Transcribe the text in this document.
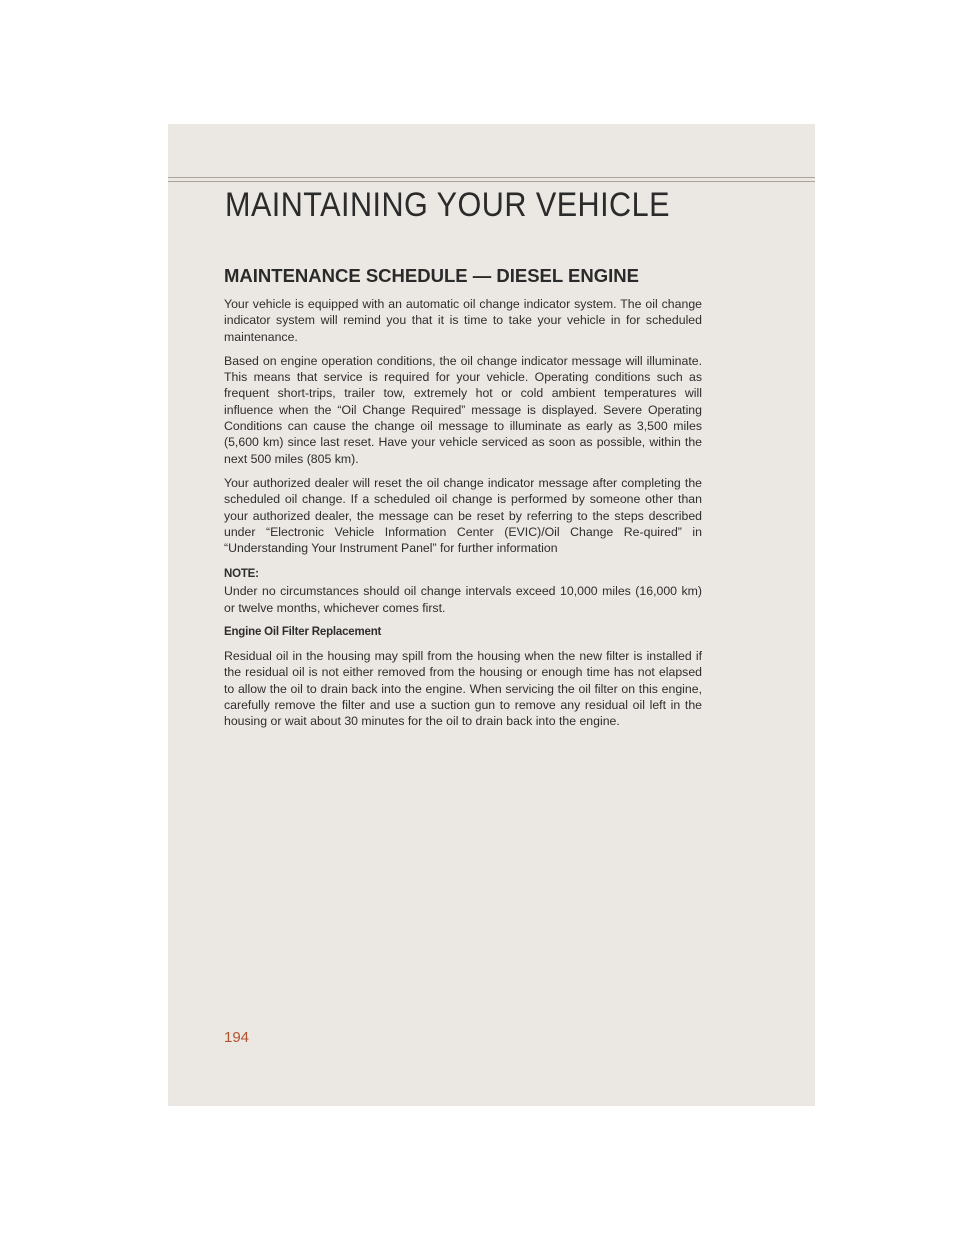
MAINTAINING YOUR VEHICLE
MAINTENANCE SCHEDULE — DIESEL ENGINE

Your vehicle is equipped with an automatic oil change indicator system. The oil change indicator system will remind you that it is time to take your vehicle in for scheduled maintenance.

Based on engine operation conditions, the oil change indicator message will illuminate. This means that service is required for your vehicle. Operating conditions such as frequent short-trips, trailer tow, extremely hot or cold ambient temperatures will influence when the “Oil Change Required” message is displayed. Severe Operating Conditions can cause the change oil message to illuminate as early as 3,500 miles (5,600 km) since last reset. Have your vehicle serviced as soon as possible, within the next 500 miles (805 km).

Your authorized dealer will reset the oil change indicator message after completing the scheduled oil change. If a scheduled oil change is performed by someone other than your authorized dealer, the message can be reset by referring to the steps described under “Electronic Vehicle Information Center (EVIC)/Oil Change Re-quired” in “Understanding Your Instrument Panel” for further information

NOTE:

Under no circumstances should oil change intervals exceed 10,000 miles (16,000 km) or twelve months, whichever comes first.

Engine Oil Filter Replacement

Residual oil in the housing may spill from the housing when the new filter is installed if the residual oil is not either removed from the housing or enough time has not elapsed to allow the oil to drain back into the engine. When servicing the oil filter on this engine, carefully remove the filter and use a suction gun to remove any residual oil left in the housing or wait about 30 minutes for the oil to drain back into the engine.

194
